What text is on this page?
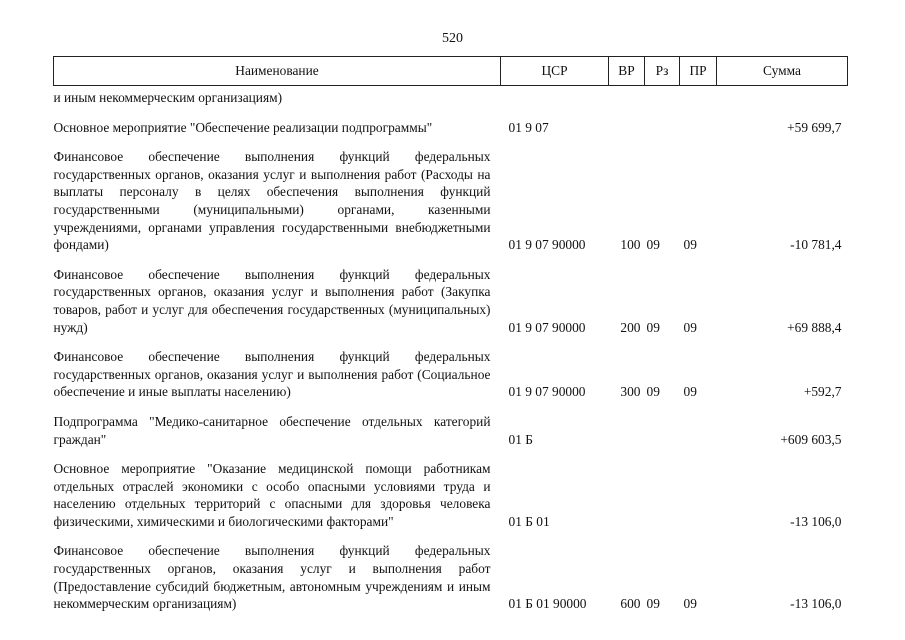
520
Наименование	ЦСР	ВР	Рз	ПР	Сумма
и иным некоммерческим организациям)					
Основное мероприятие "Обеспечение реализации подпрограммы"	01 9 07				+59 699,7
Финансовое обеспечение выполнения функций федеральных государственных органов, оказания услуг и выполнения работ (Расходы на выплаты персоналу в целях обеспечения выполнения функций государственными (муниципальными) органами, казенными учреждениями, органами управления государственными внебюджетными фондами)	01 9 07 90000	100	09	09	-10 781,4
Финансовое обеспечение выполнения функций федеральных государственных органов, оказания услуг и выполнения работ (Закупка товаров, работ и услуг для обеспечения государственных (муниципальных) нужд)	01 9 07 90000	200	09	09	+69 888,4
Финансовое обеспечение выполнения функций федеральных государственных органов, оказания услуг и выполнения работ (Социальное обеспечение и иные выплаты населению)	01 9 07 90000	300	09	09	+592,7
Подпрограмма "Медико-санитарное обеспечение отдельных категорий граждан"	01 Б				+609 603,5
Основное мероприятие "Оказание медицинской помощи работникам отдельных отраслей экономики с особо опасными условиями труда и населению отдельных территорий с опасными для здоровья человека физическими, химическими и биологическими факторами"	01 Б 01				-13 106,0
Финансовое обеспечение выполнения функций федеральных государственных органов, оказания услуг и выполнения работ (Предоставление субсидий бюджетным, автономным учреждениям и иным некоммерческим организациям)	01 Б 01 90000	600	09	09	-13 106,0
